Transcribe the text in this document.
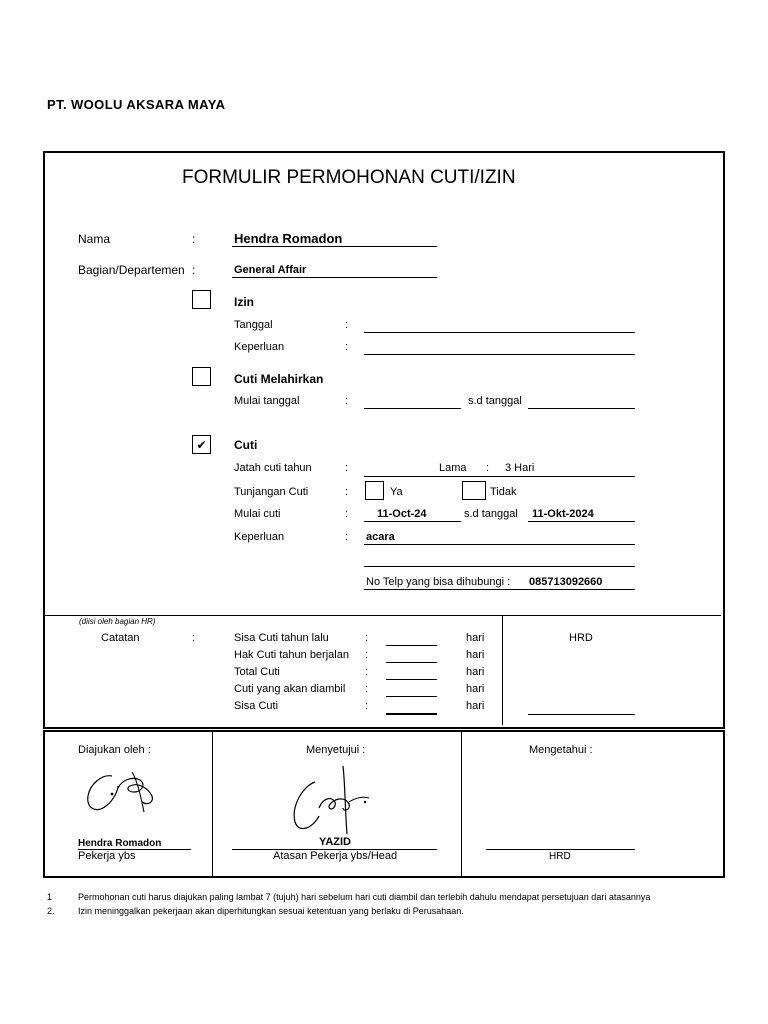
PT. WOOLU AKSARA MAYA
FORMULIR PERMOHONAN CUTI/IZIN
Nama	:	Hendra Romadon
Bagian/Departemen :	General Affair
Izin
Tanggal	:
Keperluan	:
Cuti Melahirkan
Mulai tanggal	:	s.d tanggal
✔	Cuti
Jatah cuti tahun	:	Lama : 3 Hari
Tunjangan Cuti	:	Ya	Tidak
Mulai cuti	:	11-Oct-24	s.d tanggal 11-Okt-2024
Keperluan	: acara
No Telp yang bisa dihubungi : 085713092660
(diisi oleh bagian HR)
Catatan	:	Sisa Cuti tahun lalu	:	hari
Hak Cuti tahun berjalan :	hari
Total Cuti	:	hari
Cuti yang akan diambil :	hari
Sisa Cuti	:	hari
HRD
Diajukan oleh :
Hendra Romadon
Pekerja ybs
Menyetujui :
YAZID
Atasan Pekerja ybs/Head
Mengetahui :
HRD
1	Permohonan cuti harus diajukan paling lambat 7 (tujuh) hari sebelum hari cuti diambil dan terlebih dahulu mendapat persetujuan dari atasannya
2.	Izin meninggalkan pekerjaan akan diperhitungkan sesuai ketentuan yang berlaku di Perusahaan.
